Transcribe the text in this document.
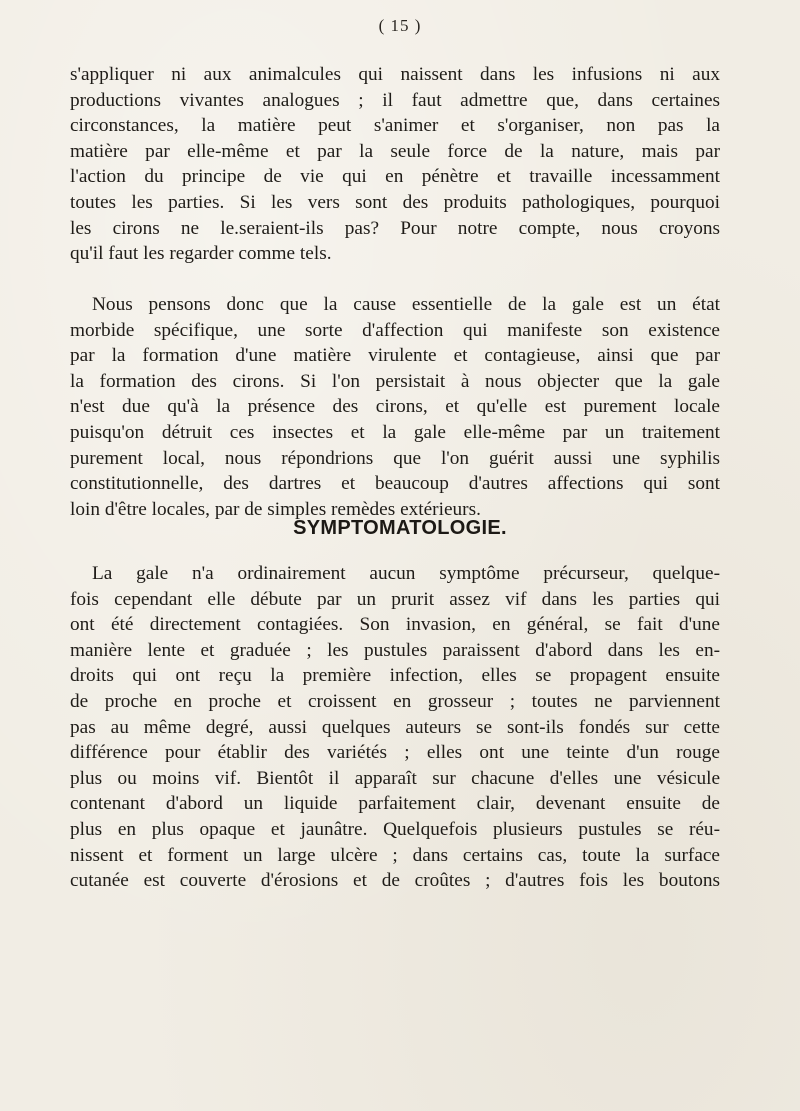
( 15 )
s'appliquer ni aux animalcules qui naissent dans les infusions ni aux
productions vivantes analogues ; il faut admettre que, dans certaines
circonstances, la matière peut s'animer et s'organiser, non pas la
matière par elle-même et par la seule force de la nature, mais par
l'action du principe de vie qui en pénètre et travaille incessamment
toutes les parties. Si les vers sont des produits pathologiques, pourquoi
les cirons ne le.seraient-ils pas? Pour notre compte, nous croyons
qu'il faut les regarder comme tels.
Nous pensons donc que la cause essentielle de la gale est un état
morbide spécifique, une sorte d'affection qui manifeste son existence
par la formation d'une matière virulente et contagieuse, ainsi que par
la formation des cirons. Si l'on persistait à nous objecter que la gale
n'est due qu'à la présence des cirons, et qu'elle est purement locale
puisqu'on détruit ces insectes et la gale elle-même par un traitement
purement local, nous répondrions que l'on guérit aussi une syphilis
constitutionnelle, des dartres et beaucoup d'autres affections qui sont
loin d'être locales, par de simples remèdes extérieurs.
SYMPTOMATOLOGIE.
La gale n'a ordinairement aucun symptôme précurseur, quelque-
fois cependant elle débute par un prurit assez vif dans les parties qui
ont été directement contagiées. Son invasion, en général, se fait d'une
manière lente et graduée ; les pustules paraissent d'abord dans les en-
droits qui ont reçu la première infection, elles se propagent ensuite
de proche en proche et croissent en grosseur ; toutes ne parviennent
pas au même degré, aussi quelques auteurs se sont-ils fondés sur cette
différence pour établir des variétés ; elles ont une teinte d'un rouge
plus ou moins vif. Bientôt il apparaît sur chacune d'elles une vésicule
contenant d'abord un liquide parfaitement clair, devenant ensuite de
plus en plus opaque et jaunâtre. Quelquefois plusieurs pustules se réu-
nissent et forment un large ulcère ; dans certains cas, toute la surface
cutanée est couverte d'érosions et de croûtes ; d'autres fois les boutons
